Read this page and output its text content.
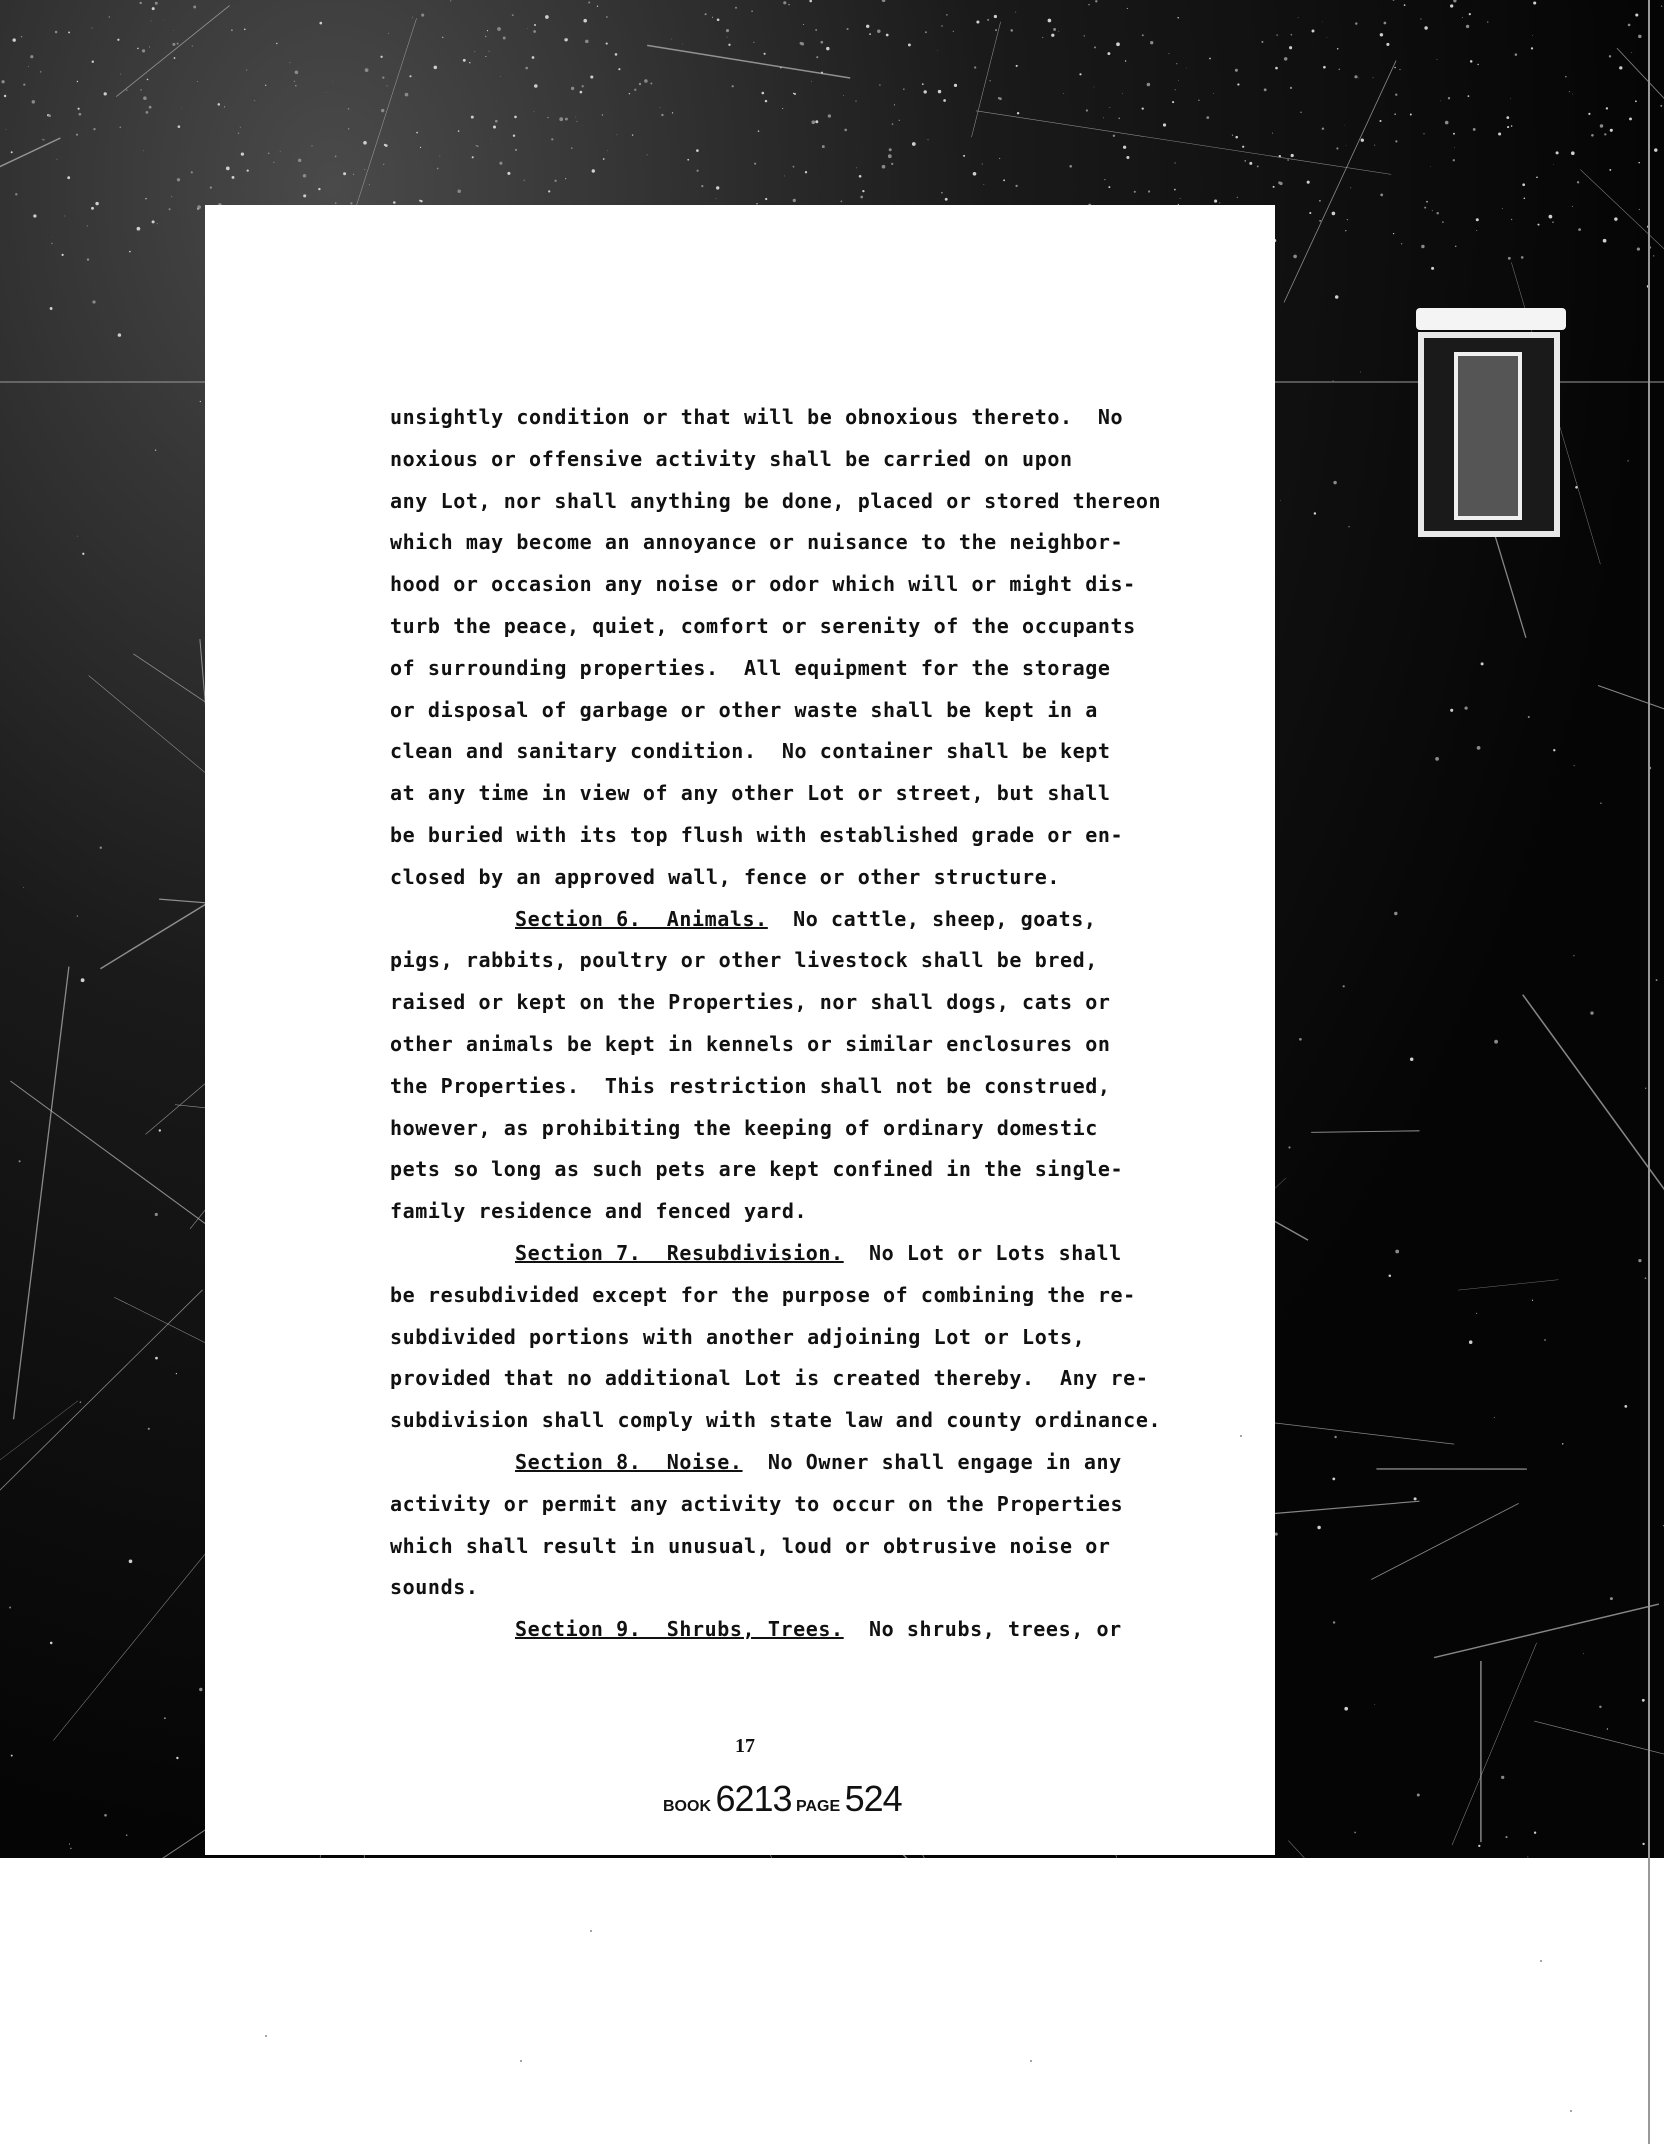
unsightly condition or that will be obnoxious thereto.  No
noxious or offensive activity shall be carried on upon
any Lot, nor shall anything be done, placed or stored thereon
which may become an annoyance or nuisance to the neighbor-
hood or occasion any noise or odor which will or might dis-
turb the peace, quiet, comfort or serenity of the occupants
of surrounding properties.  All equipment for the storage
or disposal of garbage or other waste shall be kept in a
clean and sanitary condition.  No container shall be kept
at any time in view of any other Lot or street, but shall
be buried with its top flush with established grade or en-
closed by an approved wall, fence or other structure.
Section 6.  Animals.  No cattle, sheep, goats,
pigs, rabbits, poultry or other livestock shall be bred,
raised or kept on the Properties, nor shall dogs, cats or
other animals be kept in kennels or similar enclosures on
the Properties.  This restriction shall not be construed,
however, as prohibiting the keeping of ordinary domestic
pets so long as such pets are kept confined in the single-
family residence and fenced yard.
Section 7.  Resubdivision.  No Lot or Lots shall
be resubdivided except for the purpose of combining the re-
subdivided portions with another adjoining Lot or Lots,
provided that no additional Lot is created thereby.  Any re-
subdivision shall comply with state law and county ordinance.
Section 8.  Noise.  No Owner shall engage in any
activity or permit any activity to occur on the Properties
which shall result in unusual, loud or obtrusive noise or
sounds.
Section 9.  Shrubs, Trees.  No shrubs, trees, or
17
BOOK 6213 PAGE 524
